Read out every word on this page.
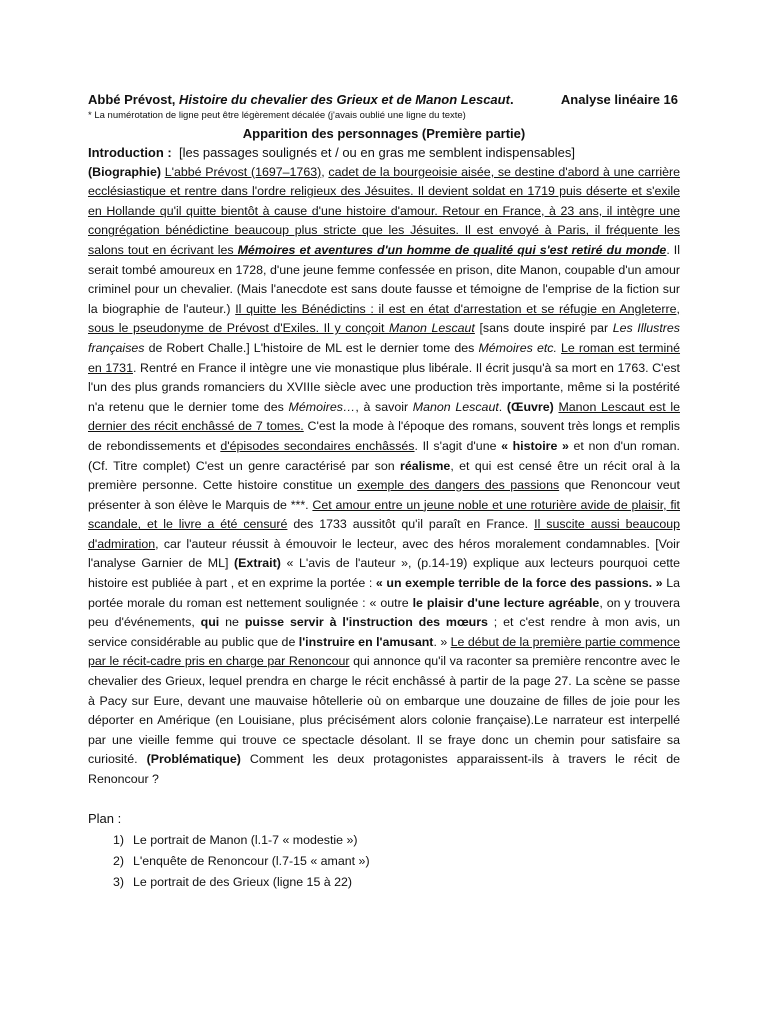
Abbé Prévost, Histoire du chevalier des Grieux et de Manon Lescaut.	Analyse linéaire 16
* La numérotation de ligne peut être légèrement décalée (j'avais oublié une ligne du texte)
Apparition des personnages (Première partie)
Introduction : [les passages soulignés et / ou en gras me semblent indispensables]
(Biographie) L'abbé Prévost (1697–1763), cadet de la bourgeoisie aisée, se destine d'abord à une carrière ecclésiastique et rentre dans l'ordre religieux des Jésuites. Il devient soldat en 1719 puis déserte et s'exile en Hollande qu'il quitte bientôt à cause d'une histoire d'amour. Retour en France, à 23 ans, il intègre une congrégation bénédictine beaucoup plus stricte que les Jésuites. Il est envoyé à Paris, il fréquente les salons tout en écrivant les Mémoires et aventures d'un homme de qualité qui s'est retiré du monde. Il serait tombé amoureux en 1728, d'une jeune femme confessée en prison, dite Manon, coupable d'un amour criminel pour un chevalier. (Mais l'anecdote est sans doute fausse et témoigne de l'emprise de la fiction sur la biographie de l'auteur.) Il quitte les Bénédictins : il est en état d'arrestation et se réfugie en Angleterre, sous le pseudonyme de Prévost d'Exiles. Il y conçoit Manon Lescaut [sans doute inspiré par Les Illustres françaises de Robert Challe.] L'histoire de ML est le dernier tome des Mémoires etc. Le roman est terminé en 1731. Rentré en France il intègre une vie monastique plus libérale. Il écrit jusqu'à sa mort en 1763. C'est l'un des plus grands romanciers du XVIIIe siècle avec une production très importante, même si la postérité n'a retenu que le dernier tome des Mémoires…, à savoir Manon Lescaut. (Œuvre) Manon Lescaut est le dernier des récit enchâssé de 7 tomes. C'est la mode à l'époque des romans, souvent très longs et remplis de rebondissements et d'épisodes secondaires enchâssés. Il s'agit d'une « histoire » et non d'un roman. (Cf. Titre complet) C'est un genre caractérisé par son réalisme, et qui est censé être un récit oral à la première personne. Cette histoire constitue un exemple des dangers des passions que Renoncour veut présenter à son élève le Marquis de ***. Cet amour entre un jeune noble et une roturière avide de plaisir, fit scandale, et le livre a été censuré des 1733 aussitôt qu'il paraît en France. Il suscite aussi beaucoup d'admiration, car l'auteur réussit à émouvoir le lecteur, avec des héros moralement condamnables. [Voir l'analyse Garnier de ML] (Extrait) « L'avis de l'auteur », (p.14-19) explique aux lecteurs pourquoi cette histoire est publiée à part , et en exprime la portée : « un exemple terrible de la force des passions. » La portée morale du roman est nettement soulignée : « outre le plaisir d'une lecture agréable, on y trouvera peu d'événements, qui ne puisse servir à l'instruction des mœurs ; et c'est rendre à mon avis, un service considérable au public que de l'instruire en l'amusant. » Le début de la première partie commence par le récit-cadre pris en charge par Renoncour qui annonce qu'il va raconter sa première rencontre avec le chevalier des Grieux, lequel prendra en charge le récit enchâssé à partir de la page 27. La scène se passe à Pacy sur Eure, devant une mauvaise hôtellerie où on embarque une douzaine de filles de joie pour les déporter en Amérique (en Louisiane, plus précisément alors colonie française).Le narrateur est interpellé par une vieille femme qui trouve ce spectacle désolant. Il se fraye donc un chemin pour satisfaire sa curiosité. (Problématique) Comment les deux protagonistes apparaissent-ils à travers le récit de Renoncour ?
Plan :
1) Le portrait de Manon (l.1-7 « modestie »)
2) L'enquête de Renoncour (l.7-15 « amant »)
3) Le portrait de des Grieux (ligne 15 à 22)
